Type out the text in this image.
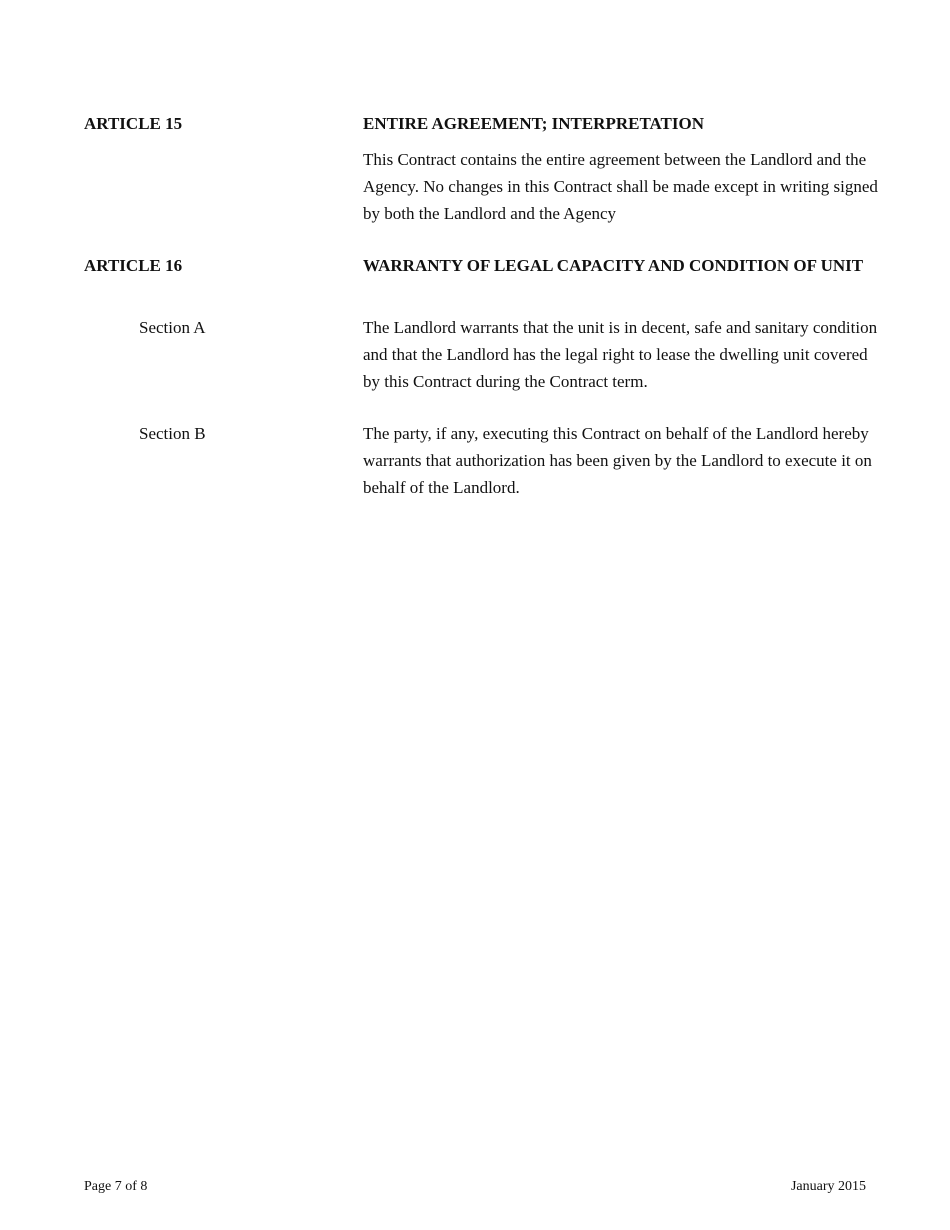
ARTICLE 15	ENTIRE AGREEMENT; INTERPRETATION

This Contract contains the entire agreement between the Landlord and the Agency. No changes in this Contract shall be made except in writing signed by both the Landlord and the Agency

ARTICLE 16	WARRANTY OF LEGAL CAPACITY AND CONDITION OF UNIT
Section A	The Landlord warrants that the unit is in decent, safe and sanitary condition and that the Landlord has the legal right to lease the dwelling unit covered by this Contract during the Contract term.

Section B	The party, if any, executing this Contract on behalf of the Landlord hereby warrants that authorization has been given by the Landlord to execute it on behalf of the Landlord.

Page 7 of 8	January 2015
